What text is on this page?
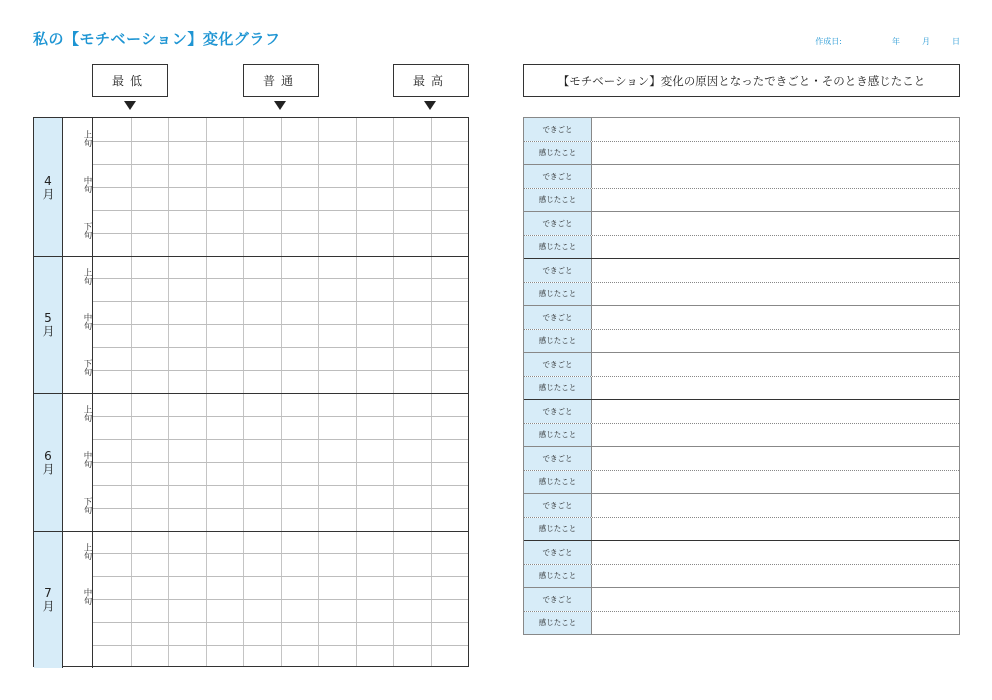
私の【モチベーション】変化グラフ	作成日:	年	月	日
最低	普通	最高
4月
上旬
中旬
下旬
5月
上旬
中旬
下旬
6月
上旬
中旬
下旬
7月
上旬
中旬
【モチベーション】変化の原因となったできごと・そのとき感じたこと
できごと
感じたこと
できごと
感じたこと
できごと
感じたこと
できごと
感じたこと
できごと
感じたこと
できごと
感じたこと
できごと
感じたこと
できごと
感じたこと
できごと
感じたこと
できごと
感じたこと
できごと
感じたこと
